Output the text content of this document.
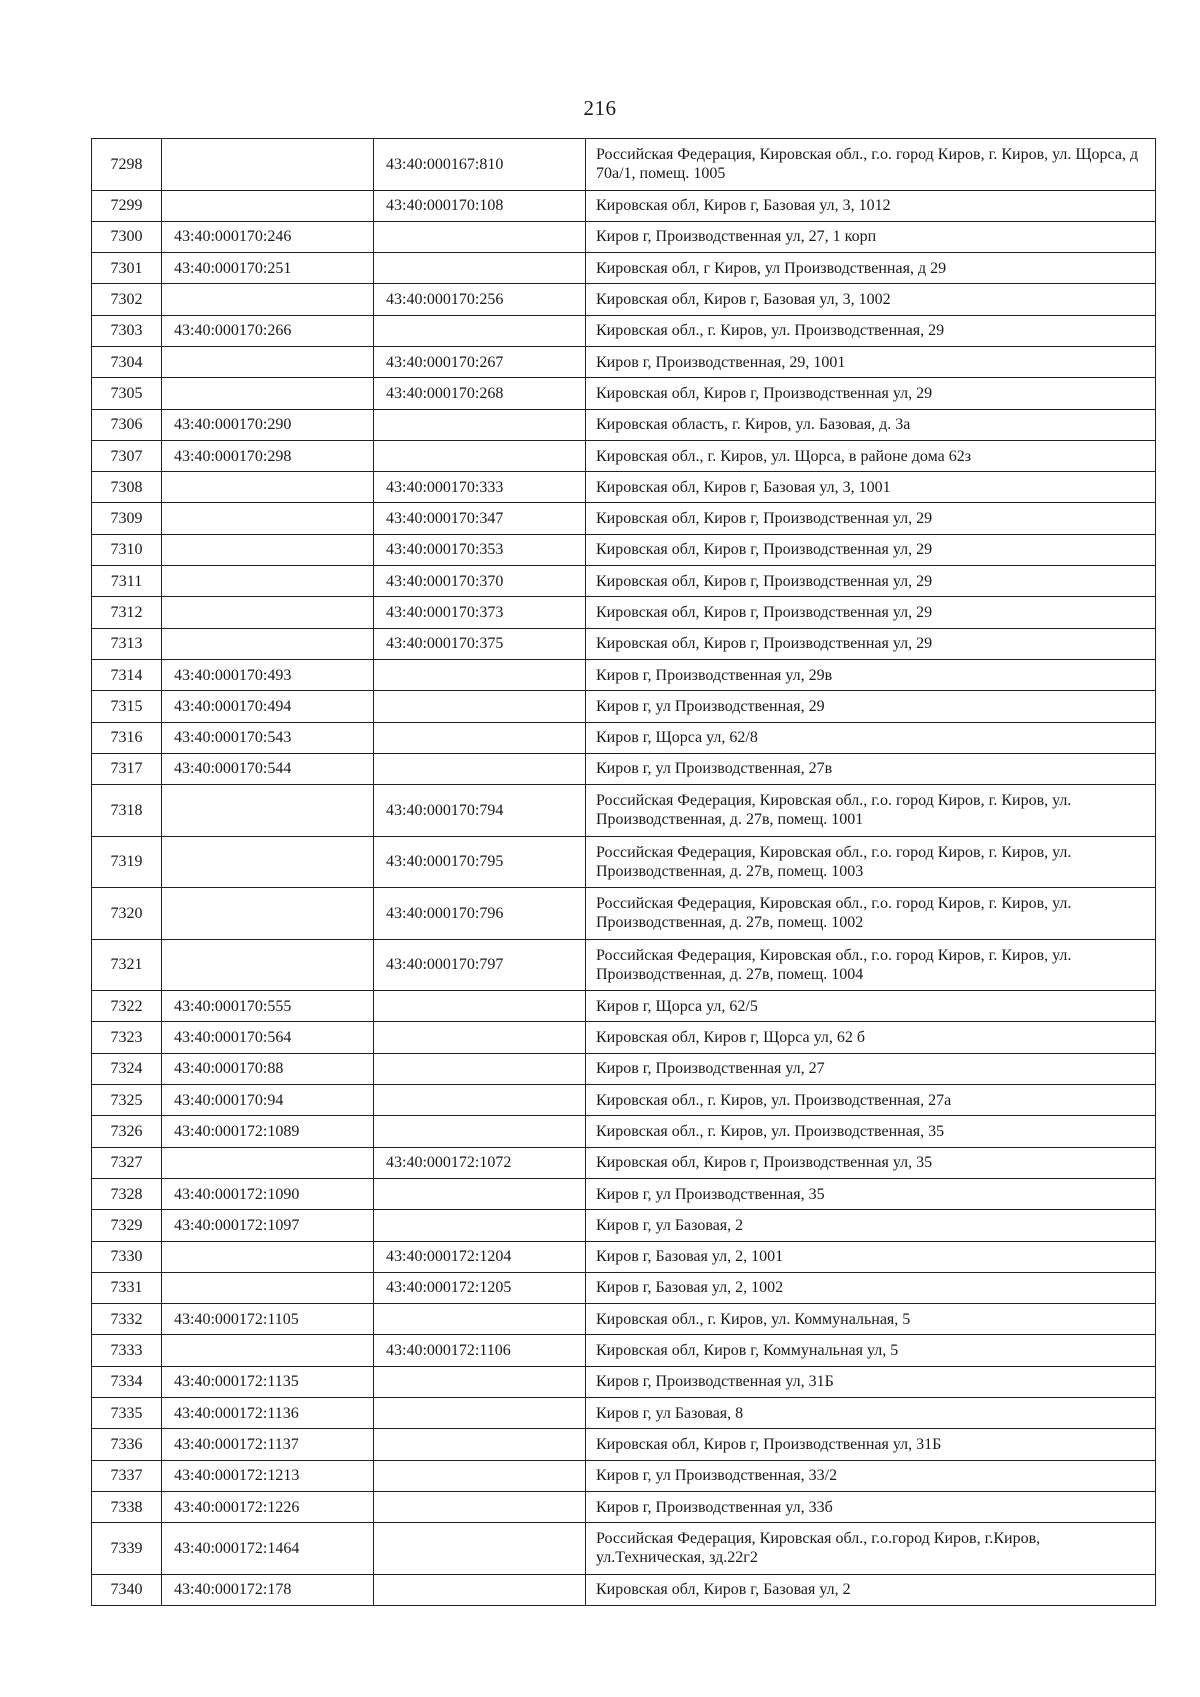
216
7298		43:40:000167:810	Российская Федерация, Кировская обл., г.о. город Киров, г. Киров, ул. Щорса, д 70а/1, помещ. 1005
7299		43:40:000170:108	Кировская обл, Киров г, Базовая ул, 3, 1012
7300	43:40:000170:246		Киров г, Производственная ул, 27, 1 корп
7301	43:40:000170:251		Кировская обл, г Киров, ул Производственная, д 29
7302		43:40:000170:256	Кировская обл, Киров г, Базовая ул, 3, 1002
7303	43:40:000170:266		Кировская обл., г. Киров, ул. Производственная, 29
7304		43:40:000170:267	Киров г, Производственная, 29, 1001
7305		43:40:000170:268	Кировская обл, Киров г, Производственная ул, 29
7306	43:40:000170:290		Кировская область, г. Киров, ул. Базовая, д. 3а
7307	43:40:000170:298		Кировская обл., г. Киров, ул. Щорса, в районе дома 62з
7308		43:40:000170:333	Кировская обл, Киров г, Базовая ул, 3, 1001
7309		43:40:000170:347	Кировская обл, Киров г, Производственная ул, 29
7310		43:40:000170:353	Кировская обл, Киров г, Производственная ул, 29
7311		43:40:000170:370	Кировская обл, Киров г, Производственная ул, 29
7312		43:40:000170:373	Кировская обл, Киров г, Производственная ул, 29
7313		43:40:000170:375	Кировская обл, Киров г, Производственная ул, 29
7314	43:40:000170:493		Киров г, Производственная ул, 29в
7315	43:40:000170:494		Киров г, ул Производственная, 29
7316	43:40:000170:543		Киров г, Щорса ул, 62/8
7317	43:40:000170:544		Киров г, ул Производственная, 27в
7318		43:40:000170:794	Российская Федерация, Кировская обл., г.о. город Киров, г. Киров, ул. Производственная, д. 27в, помещ. 1001
7319		43:40:000170:795	Российская Федерация, Кировская обл., г.о. город Киров, г. Киров, ул. Производственная, д. 27в, помещ. 1003
7320		43:40:000170:796	Российская Федерация, Кировская обл., г.о. город Киров, г. Киров, ул. Производственная, д. 27в, помещ. 1002
7321		43:40:000170:797	Российская Федерация, Кировская обл., г.о. город Киров, г. Киров, ул. Производственная, д. 27в, помещ. 1004
7322	43:40:000170:555		Киров г, Щорса ул, 62/5
7323	43:40:000170:564		Кировская обл, Киров г, Щорса ул, 62 б
7324	43:40:000170:88		Киров г, Производственная ул, 27
7325	43:40:000170:94		Кировская обл., г. Киров, ул. Производственная, 27а
7326	43:40:000172:1089		Кировская обл., г. Киров, ул. Производственная, 35
7327		43:40:000172:1072	Кировская обл, Киров г, Производственная ул, 35
7328	43:40:000172:1090		Киров г, ул Производственная, 35
7329	43:40:000172:1097		Киров г, ул Базовая, 2
7330		43:40:000172:1204	Киров г, Базовая ул, 2, 1001
7331		43:40:000172:1205	Киров г, Базовая ул, 2, 1002
7332	43:40:000172:1105		Кировская обл., г. Киров, ул. Коммунальная, 5
7333		43:40:000172:1106	Кировская обл, Киров г, Коммунальная ул, 5
7334	43:40:000172:1135		Киров г, Производственная ул, 31Б
7335	43:40:000172:1136		Киров г, ул Базовая, 8
7336	43:40:000172:1137		Кировская обл, Киров г, Производственная ул, 31Б
7337	43:40:000172:1213		Киров г, ул Производственная, 33/2
7338	43:40:000172:1226		Киров г, Производственная ул, 33б
7339	43:40:000172:1464		Российская Федерация, Кировская обл., г.о.город Киров, г.Киров, ул.Техническая, зд.22г2
7340	43:40:000172:178		Кировская обл, Киров г, Базовая ул, 2
